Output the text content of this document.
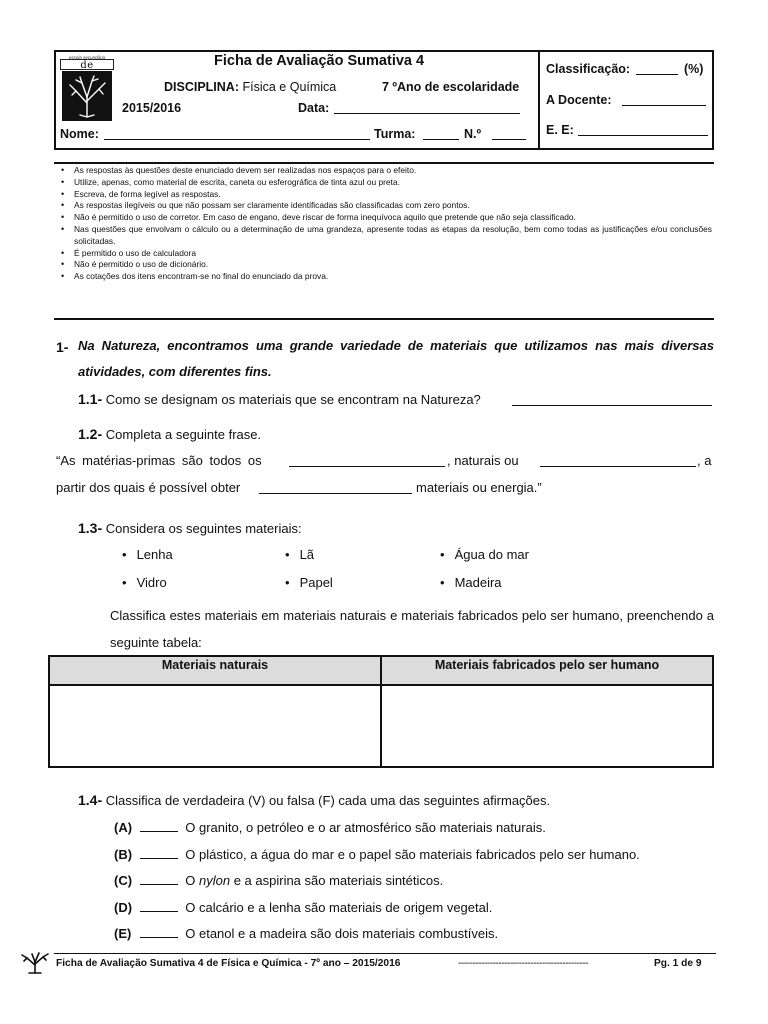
escola secundária
de	Ficha de Avaliação Sumativa 4
DISCIPLINA: Física e Química	7 ºAno de escolaridade
2015/2016	Data:
Nome:	Turma:	N.º
Classificação:	(%)
A Docente:
E. E:
• As respostas às questões deste enunciado devem ser realizadas nos espaços para o efeito.
• Utilize, apenas, como material de escrita, caneta ou esferográfica de tinta azul ou preta.
• Escreva, de forma legível as respostas.
• As respostas ilegíveis ou que não possam ser claramente identificadas são classificadas com zero pontos.
• Não é permitido o uso de corretor. Em caso de engano, deve riscar de forma inequívoca aquilo que pretende que não seja classificado.
• Nas questões que envolvam o cálculo ou a determinação de uma grandeza, apresente todas as etapas da resolução, bem como todas as justificações e/ou conclusões solicitadas.
• É permitido o uso de calculadora
• Não é permitido o uso de dicionário.
• As cotações dos itens encontram-se no final do enunciado da prova.
1- Na Natureza, encontramos uma grande variedade de materiais que utilizamos nas mais diversas atividades, com diferentes fins.
1.1- Como se designam os materiais que se encontram na Natureza?
1.2- Completa a seguinte frase.
“As matérias-primas são todos os	, naturais ou	, a
partir dos quais é possível obter	materiais ou energia.”
1.3- Considera os seguintes materiais:
• Lenha	• Lã	• Água do mar
• Vidro	• Papel	• Madeira
Classifica estes materiais em materiais naturais e materiais fabricados pelo ser humano, preenchendo a seguinte tabela:
Materiais naturais	Materiais fabricados pelo ser humano
1.4- Classifica de verdadeira (V) ou falsa (F) cada uma das seguintes afirmações.
(A)	O granito, o petróleo e o ar atmosférico são materiais naturais.
(B)	O plástico, a água do mar e o papel são materiais fabricados pelo ser humano.
(C)	O nylon e a aspirina são materiais sintéticos.
(D)	O calcário e a lenha são materiais de origem vegetal.
(E)	O etanol e a madeira são dois materiais combustíveis.
Ficha de Avaliação Sumativa 4 de Física e Química - 7º ano – 2015/2016	---------------------------------------------	Pg. 1 de 9
